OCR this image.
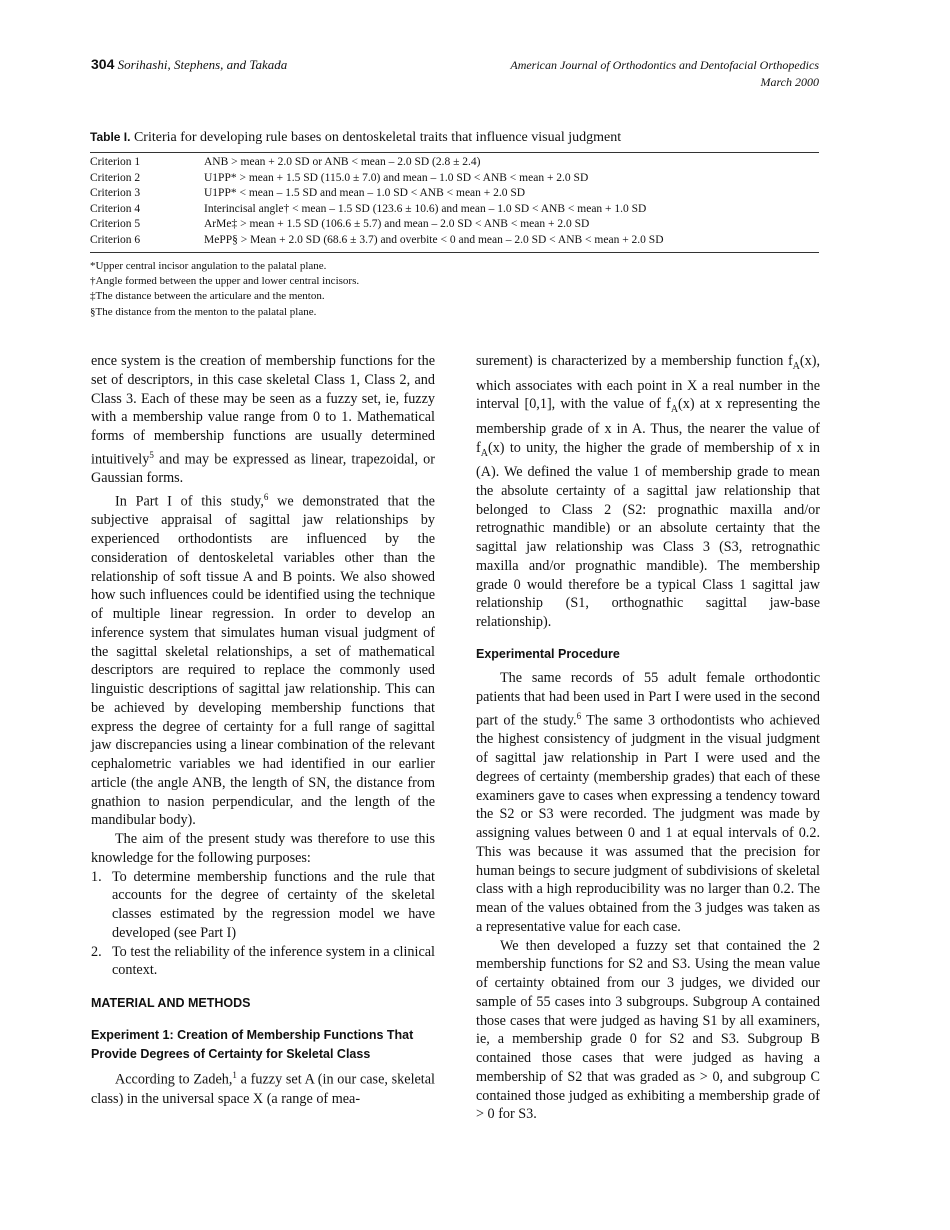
304 Sorihashi, Stephens, and Takada	American Journal of Orthodontics and Dentofacial Orthopedics
March 2000
Table I. Criteria for developing rule bases on dentoskeletal traits that influence visual judgment
Criterion 1	ANB > mean + 2.0 SD or ANB < mean – 2.0 SD (2.8 ± 2.4)
Criterion 2	U1PP* > mean + 1.5 SD (115.0 ± 7.0) and mean – 1.0 SD < ANB < mean + 2.0 SD
Criterion 3	U1PP* < mean – 1.5 SD and mean – 1.0 SD < ANB < mean + 2.0 SD
Criterion 4	Interincisal angle† < mean – 1.5 SD (123.6 ± 10.6) and mean – 1.0 SD < ANB < mean + 1.0 SD
Criterion 5	ArMe‡ > mean + 1.5 SD (106.6 ± 5.7) and mean – 2.0 SD < ANB < mean + 2.0 SD
Criterion 6	MePP§ > Mean + 2.0 SD (68.6 ± 3.7) and overbite < 0 and mean – 2.0 SD < ANB < mean + 2.0 SD
*Upper central incisor angulation to the palatal plane.
†Angle formed between the upper and lower central incisors.
‡The distance between the articulare and the menton.
§The distance from the menton to the palatal plane.

ence system is the creation of membership functions for the set of descriptors, in this case skeletal Class 1, Class 2, and Class 3. Each of these may be seen as a fuzzy set, ie, fuzzy with a membership value range from 0 to 1. Mathematical forms of membership functions are usually determined intuitively$^5$ and may be expressed as linear, trapezoidal, or Gaussian forms.

In Part I of this study,$^6$ we demonstrated that the subjective appraisal of sagittal jaw relationships by experienced orthodontists are influenced by the consideration of dentoskeletal variables other than the relationship of soft tissue A and B points. We also showed how such influences could be identified using the technique of multiple linear regression. In order to develop an inference system that simulates human visual judgment of the sagittal skeletal relationships, a set of mathematical descriptors are required to replace the commonly used linguistic descriptions of sagittal jaw relationship. This can be achieved by developing membership functions that express the degree of certainty for a full range of sagittal jaw discrepancies using a linear combination of the relevant cephalometric variables we had identified in our earlier article (the angle ANB, the length of SN, the distance from gnathion to nasion perpendicular, and the length of the mandibular body).

The aim of the present study was therefore to use this knowledge for the following purposes:

1. To determine membership functions and the rule that accounts for the degree of certainty of the skeletal classes estimated by the regression model we have developed (see Part I)
2. To test the reliability of the inference system in a clinical context.
MATERIAL AND METHODS
Experiment 1: Creation of Membership Functions That Provide Degrees of Certainty for Skeletal Class

According to Zadeh,$^1$ a fuzzy set A (in our case, skeletal class) in the universal space X (a range of mea-

surement) is characterized by a membership function $f_A(x)$, which associates with each point in X a real number in the interval [0,1], with the value of $f_A(x)$ at x representing the membership grade of x in A. Thus, the nearer the value of $f_A(x)$ to unity, the higher the grade of membership of x in (A). We defined the value 1 of membership grade to mean the absolute certainty of a sagittal jaw relationship that belonged to Class 2 (S2: prognathic maxilla and/or retrognathic mandible) or an absolute certainty that the sagittal jaw relationship was Class 3 (S3, retrognathic maxilla and/or prognathic mandible). The membership grade 0 would therefore be a typical Class 1 sagittal jaw relationship (S1, orthognathic sagittal jaw-base relationship).

Experimental Procedure

The same records of 55 adult female orthodontic patients that had been used in Part I were used in the second part of the study.$^6$ The same 3 orthodontists who achieved the highest consistency of judgment in the visual judgment of sagittal jaw relationship in Part I were used and the degrees of certainty (membership grades) that each of these examiners gave to cases when expressing a tendency toward the S2 or S3 were recorded. The judgment was made by assigning values between 0 and 1 at equal intervals of 0.2. This was because it was assumed that the precision for human beings to secure judgment of subdivisions of skeletal class with a high reproducibility was no larger than 0.2. The mean of the values obtained from the 3 judges was taken as a representative value for each case.

We then developed a fuzzy set that contained the 2 membership functions for S2 and S3. Using the mean value of certainty obtained from our 3 judges, we divided our sample of 55 cases into 3 subgroups. Subgroup A contained those cases that were judged as having S1 by all examiners, ie, a membership grade 0 for S2 and S3. Subgroup B contained those cases that were judged as having a membership of S2 that was graded as > 0, and subgroup C contained those judged as exhibiting a membership grade of > 0 for S3.
